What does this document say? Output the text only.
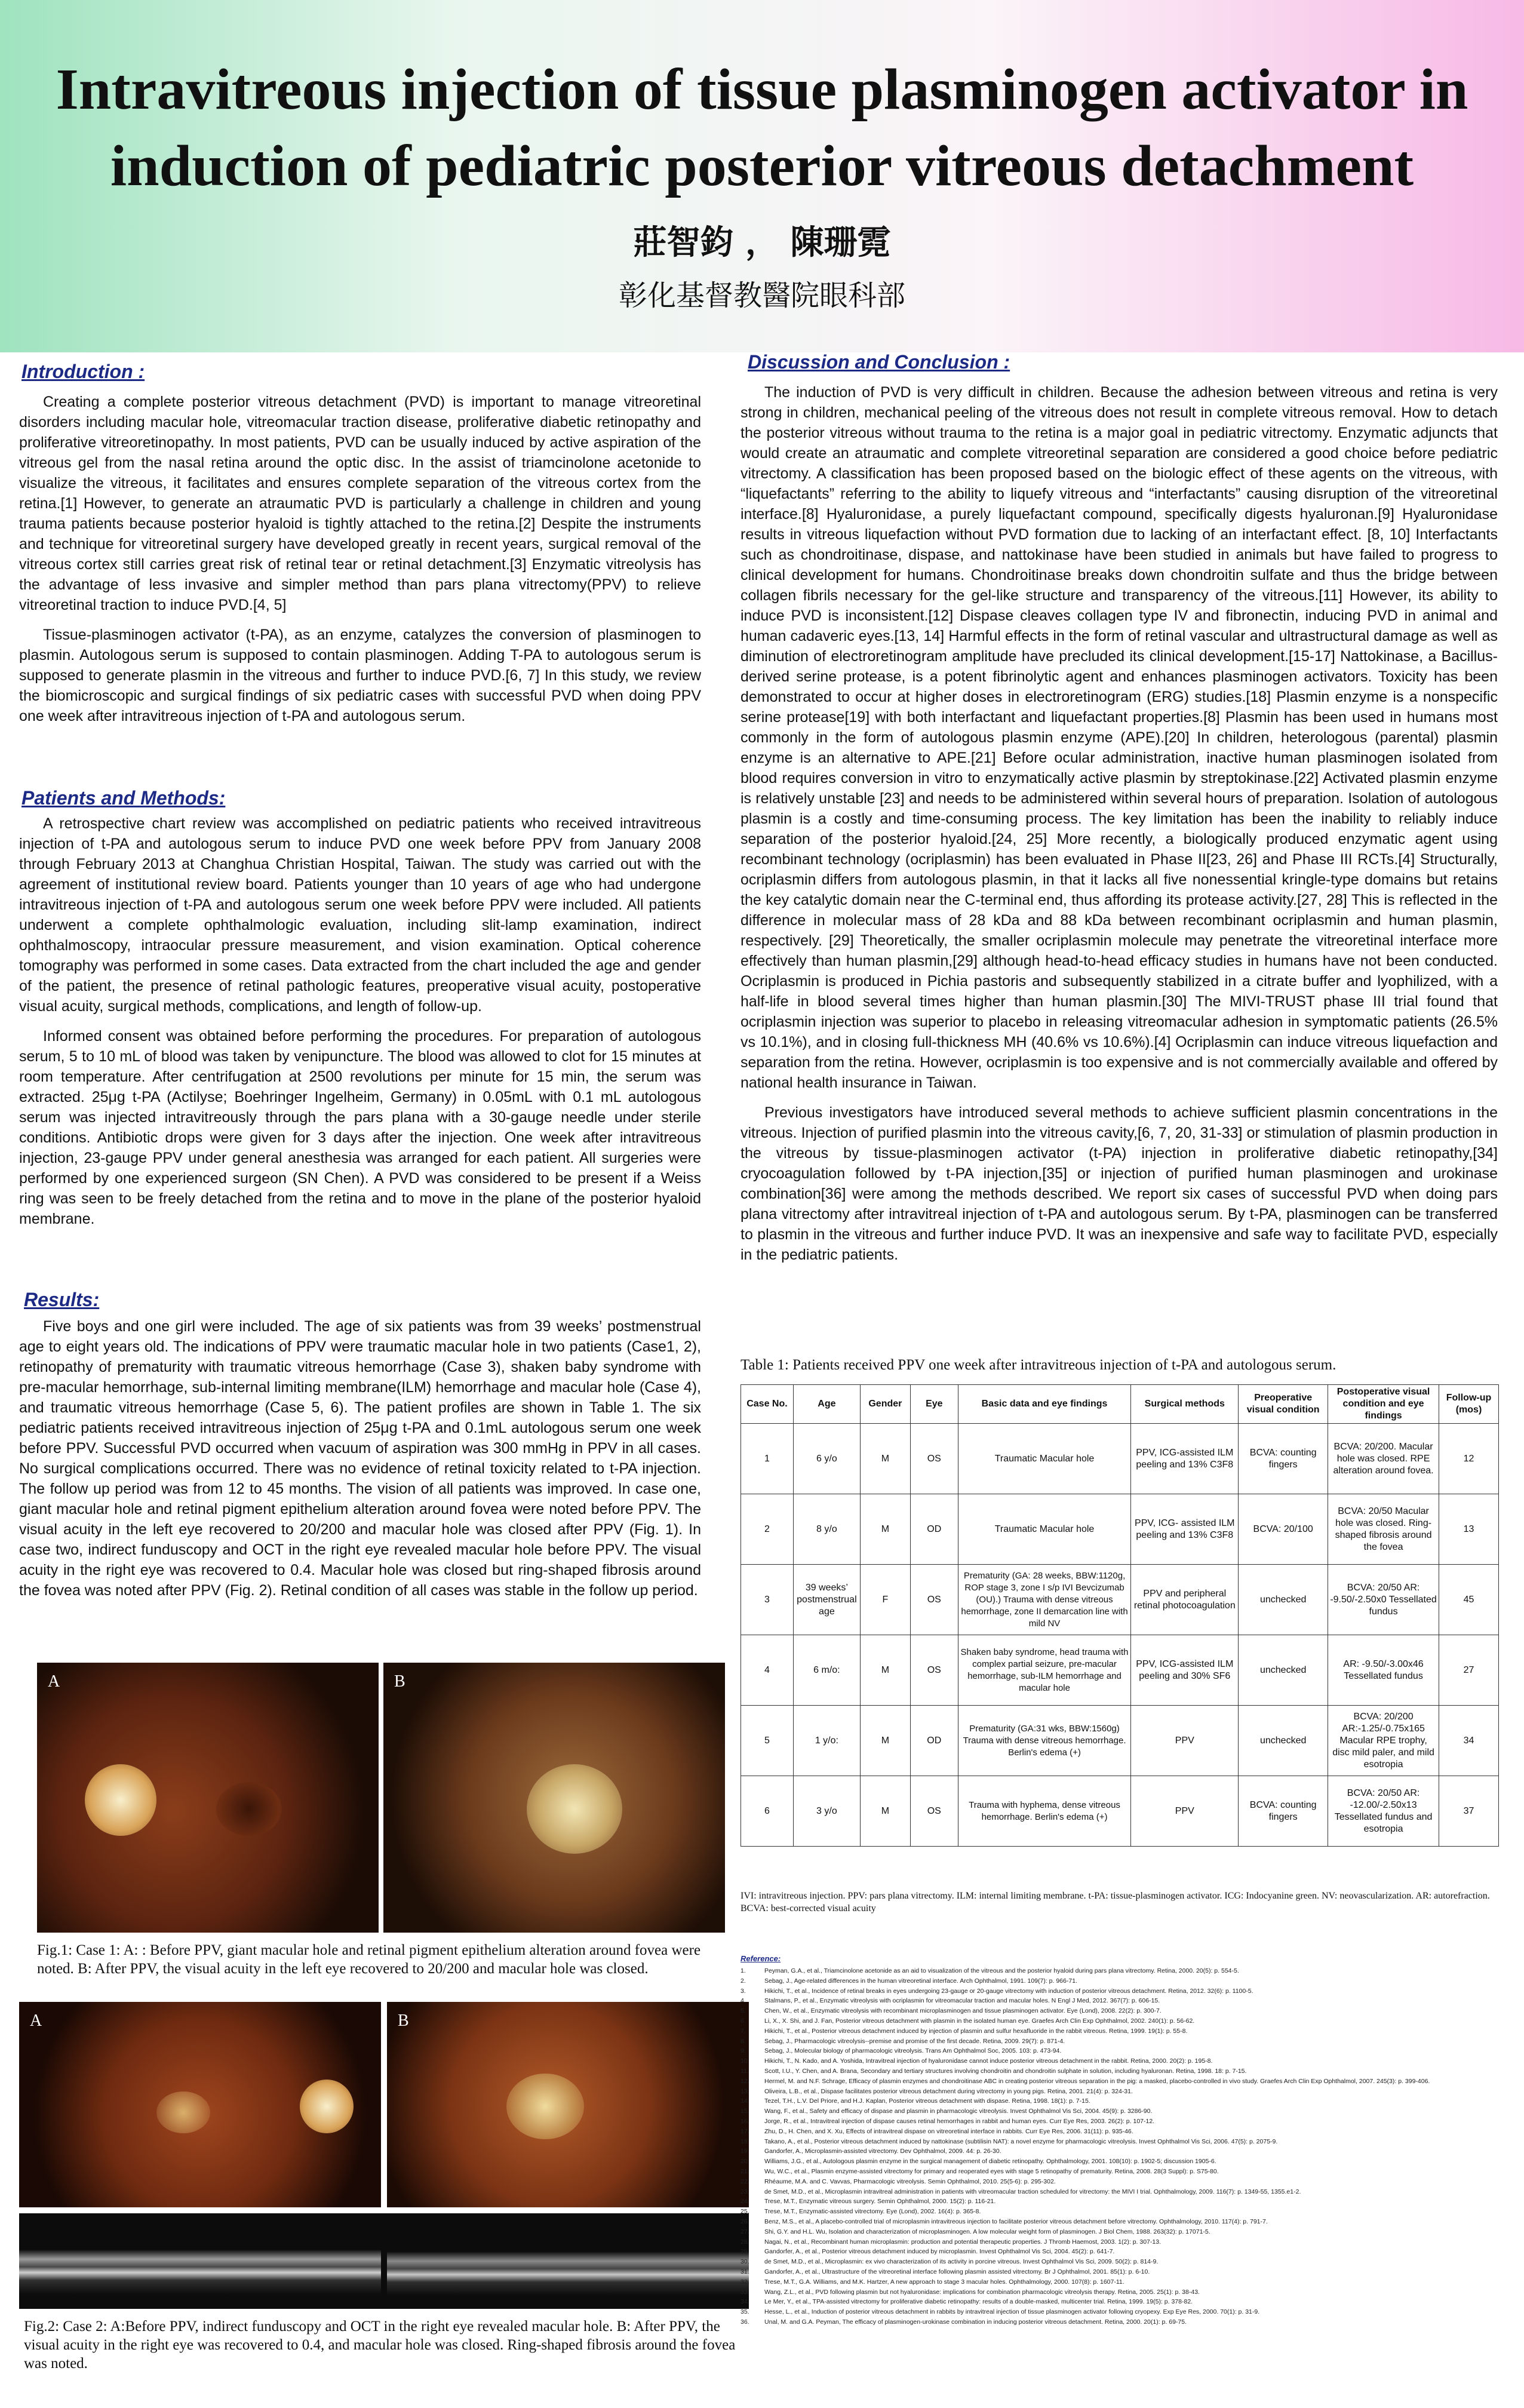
Intravitreous injection of tissue plasminogen activator in induction of pediatric posterior vitreous detachment

莊智鈞 ， 陳珊霓

彰化基督教醫院眼科部

Introduction :

Creating a complete posterior vitreous detachment (PVD) is important to manage vitreoretinal disorders including macular hole, vitreomacular traction disease, proliferative diabetic retinopathy and proliferative vitreoretinopathy. In most patients, PVD can be usually induced by active aspiration of the vitreous gel from the nasal retina around the optic disc. In the assist of triamcinolone acetonide to visualize the vitreous, it facilitates and ensures complete separation of the vitreous cortex from the retina.[1] However, to generate an atraumatic PVD is particularly a challenge in children and young trauma patients because posterior hyaloid is tightly attached to the retina.[2] Despite the instruments and technique for vitreoretinal surgery have developed greatly in recent years, surgical removal of the vitreous cortex still carries great risk of retinal tear or retinal detachment.[3] Enzymatic vitreolysis has the advantage of less invasive and simpler method than pars plana vitrectomy(PPV) to relieve vitreoretinal traction to induce PVD.[4, 5]

Tissue-plasminogen activator (t-PA), as an enzyme, catalyzes the conversion of plasminogen to plasmin. Autologous serum is supposed to contain plasminogen. Adding T-PA to autologous serum is supposed to generate plasmin in the vitreous and further to induce PVD.[6, 7] In this study, we review the biomicroscopic and surgical findings of six pediatric cases with successful PVD when doing PPV one week after intravitreous injection of t-PA and autologous serum.

Patients and Methods:

A retrospective chart review was accomplished on pediatric patients who received intravitreous injection of t-PA and autologous serum to induce PVD one week before PPV from January 2008 through February 2013 at Changhua Christian Hospital, Taiwan. The study was carried out with the agreement of institutional review board. Patients younger than 10 years of age who had undergone intravitreous injection of t-PA and autologous serum one week before PPV were included. All patients underwent a complete ophthalmologic evaluation, including slit-lamp examination, indirect ophthalmoscopy, intraocular pressure measurement, and vision examination. Optical coherence tomography was performed in some cases. Data extracted from the chart included the age and gender of the patient, the presence of retinal pathologic features, preoperative visual acuity, postoperative visual acuity, surgical methods, complications, and length of follow-up.

Informed consent was obtained before performing the procedures. For preparation of autologous serum, 5 to 10 mL of blood was taken by venipuncture. The blood was allowed to clot for 15 minutes at room temperature. After centrifugation at 2500 revolutions per minute for 15 min, the serum was extracted. 25μg t-PA (Actilyse; Boehringer Ingelheim, Germany) in 0.05mL with 0.1 mL autologous serum was injected intravitreously through the pars plana with a 30-gauge needle under sterile conditions. Antibiotic drops were given for 3 days after the injection. One week after intravitreous injection, 23-gauge PPV under general anesthesia was arranged for each patient. All surgeries were performed by one experienced surgeon (SN Chen). A PVD was considered to be present if a Weiss ring was seen to be freely detached from the retina and to move in the plane of the posterior hyaloid membrane.

Results:

Five boys and one girl were included. The age of six patients was from 39 weeks’ postmenstrual age to eight years old. The indications of PPV were traumatic macular hole in two patients (Case1, 2), retinopathy of prematurity with traumatic vitreous hemorrhage (Case 3), shaken baby syndrome with pre-macular hemorrhage, sub-internal limiting membrane(ILM) hemorrhage and macular hole (Case 4), and traumatic vitreous hemorrhage (Case 5, 6). The patient profiles are shown in Table 1. The six pediatric patients received intravitreous injection of 25μg t-PA and 0.1mL autologous serum one week before PPV. Successful PVD occurred when vacuum of aspiration was 300 mmHg in PPV in all cases. No surgical complications occurred. There was no evidence of retinal toxicity related to t-PA injection. The follow up period was from 12 to 45 months. The vision of all patients was improved. In case one, giant macular hole and retinal pigment epithelium alteration around fovea were noted before PPV. The visual acuity in the left eye recovered to 20/200 and macular hole was closed after PPV (Fig. 1). In case two, indirect funduscopy and OCT in the right eye revealed macular hole before PPV. The visual acuity in the right eye was recovered to 0.4. Macular hole was closed but ring-shaped fibrosis around the fovea was noted after PPV (Fig. 2). Retinal condition of all cases was stable in the follow up period.

A	B

Fig.1: Case 1: A: : Before PPV, giant macular hole and retinal pigment epithelium alteration around fovea were noted. B: After PPV, the visual acuity in the left eye recovered to 20/200 and macular hole was closed.

A	B

Fig.2: Case 2: A:Before PPV, indirect funduscopy and OCT in the right eye revealed macular hole. B: After PPV, the visual acuity in the right eye was recovered to 0.4, and macular hole was closed. Ring-shaped fibrosis around the fovea was noted.

Discussion and Conclusion :

The induction of PVD is very difficult in children. Because the adhesion between vitreous and retina is very strong in children, mechanical peeling of the vitreous does not result in complete vitreous removal. How to detach the posterior vitreous without trauma to the retina is a major goal in pediatric vitrectomy. Enzymatic adjuncts that would create an atraumatic and complete vitreoretinal separation are considered a good choice before pediatric vitrectomy. A classification has been proposed based on the biologic effect of these agents on the vitreous, with “liquefactants” referring to the ability to liquefy vitreous and “interfactants” causing disruption of the vitreoretinal interface.[8] Hyaluronidase, a purely liquefactant compound, specifically digests hyaluronan.[9] Hyaluronidase results in vitreous liquefaction without PVD formation due to lacking of an interfactant effect. [8, 10] Interfactants such as chondroitinase, dispase, and nattokinase have been studied in animals but have failed to progress to clinical development for humans. Chondroitinase breaks down chondroitin sulfate and thus the bridge between collagen fibrils necessary for the gel-like structure and transparency of the vitreous.[11] However, its ability to induce PVD is inconsistent.[12] Dispase cleaves collagen type IV and fibronectin, inducing PVD in animal and human cadaveric eyes.[13, 14] Harmful effects in the form of retinal vascular and ultrastructural damage as well as diminution of electroretinogram amplitude have precluded its clinical development.[15-17] Nattokinase, a Bacillus-derived serine protease, is a potent fibrinolytic agent and enhances plasminogen activators. Toxicity has been demonstrated to occur at higher doses in electroretinogram (ERG) studies.[18] Plasmin enzyme is a nonspecific serine protease[19] with both interfactant and liquefactant properties.[8] Plasmin has been used in humans most commonly in the form of autologous plasmin enzyme (APE).[20] In children, heterologous (parental) plasmin enzyme is an alternative to APE.[21] Before ocular administration, inactive human plasminogen isolated from blood requires conversion in vitro to enzymatically active plasmin by streptokinase.[22] Activated plasmin enzyme is relatively unstable [23] and needs to be administered within several hours of preparation. Isolation of autologous plasmin is a costly and time-consuming process. The key limitation has been the inability to reliably induce separation of the posterior hyaloid.[24, 25] More recently, a biologically produced enzymatic agent using recombinant technology (ocriplasmin) has been evaluated in Phase II[23, 26] and Phase III RCTs.[4] Structurally, ocriplasmin differs from autologous plasmin, in that it lacks all five nonessential kringle-type domains but retains the key catalytic domain near the C-terminal end, thus affording its protease activity.[27, 28] This is reflected in the difference in molecular mass of 28 kDa and 88 kDa between recombinant ocriplasmin and human plasmin, respectively. [29] Theoretically, the smaller ocriplasmin molecule may penetrate the vitreoretinal interface more effectively than human plasmin,[29] although head-to-head efficacy studies in humans have not been conducted. Ocriplasmin is produced in Pichia pastoris and subsequently stabilized in a citrate buffer and lyophilized, with a half-life in blood several times higher than human plasmin.[30] The MIVI-TRUST phase III trial found that ocriplasmin injection was superior to placebo in releasing vitreomacular adhesion in symptomatic patients (26.5% vs 10.1%), and in closing full-thickness MH (40.6% vs 10.6%).[4] Ocriplasmin can induce vitreous liquefaction and separation from the retina. However, ocriplasmin is too expensive and is not commercially available and offered by national health insurance in Taiwan.

Previous investigators have introduced several methods to achieve sufficient plasmin concentrations in the vitreous. Injection of purified plasmin into the vitreous cavity,[6, 7, 20, 31-33] or stimulation of plasmin production in the vitreous by tissue-plasminogen activator (t-PA) injection in proliferative diabetic retinopathy,[34] cryocoagulation followed by t-PA injection,[35] or injection of purified human plasminogen and urokinase combination[36] were among the methods described. We report six cases of successful PVD when doing pars plana vitrectomy after intravitreal injection of t-PA and autologous serum. By t-PA, plasminogen can be transferred to plasmin in the vitreous and further induce PVD. It was an inexpensive and safe way to facilitate PVD, especially in the pediatric patients.

Table 1: Patients received PPV one week after intravitreous injection of t-PA and autologous serum.

Case No.	Age	Gender	Eye	Basic data and eye findings	Surgical methods	Preoperative visual condition	Postoperative visual condition and eye findings	Follow-up (mos)
1	6 y/o	M	OS	Traumatic Macular hole	PPV, ICG-assisted ILM peeling and 13% C3F8	BCVA: counting fingers	BCVA: 20/200. Macular hole was closed. RPE alteration around fovea.	12
2	8 y/o	M	OD	Traumatic Macular hole	PPV, ICG- assisted ILM peeling and 13% C3F8	BCVA: 20/100	BCVA: 20/50 Macular hole was closed. Ring-shaped fibrosis around the fovea	13
3	39 weeks’ postmenstrual age	F	OS	Prematurity (GA: 28 weeks, BBW:1120g, ROP stage 3, zone I s/p IVI Bevcizumab (OU).) Trauma with dense vitreous hemorrhage, zone II demarcation line with mild NV	PPV and peripheral retinal photocoagulation	unchecked	BCVA: 20/50 AR: -9.50/-2.50x0 Tessellated fundus	45
4	6 m/o:	M	OS	Shaken baby syndrome, head trauma with complex partial seizure, pre-macular hemorrhage, sub-ILM hemorrhage and macular hole	PPV, ICG-assisted ILM peeling and 30% SF6	unchecked	AR: -9.50/-3.00x46 Tessellated fundus	27
5	1 y/o:	M	OD	Prematurity (GA:31 wks, BBW:1560g) Trauma with dense vitreous hemorrhage. Berlin's edema (+)	PPV	unchecked	BCVA: 20/200 AR:-1.25/-0.75x165 Macular RPE trophy, disc mild paler, and mild esotropia	34
6	3 y/o	M	OS	Trauma with hyphema, dense vitreous hemorrhage. Berlin's edema (+)	PPV	BCVA: counting fingers	BCVA: 20/50 AR: -12.00/-2.50x13 Tessellated fundus and esotropia	37

IVI: intravitreous injection. PPV: pars plana vitrectomy. ILM: internal limiting membrane. t-PA: tissue-plasminogen activator. ICG: Indocyanine green. NV: neovascularization. AR: autorefraction. BCVA: best-corrected visual acuity

Reference:
1.	Peyman, G.A., et al., Triamcinolone acetonide as an aid to visualization of the vitreous and the posterior hyaloid during pars plana vitrectomy. Retina, 2000. 20(5): p. 554-5.
2.	Sebag, J., Age-related differences in the human vitreoretinal interface. Arch Ophthalmol, 1991. 109(7): p. 966-71.
3.	Hikichi, T., et al., Incidence of retinal breaks in eyes undergoing 23-gauge or 20-gauge vitrectomy with induction of posterior vitreous detachment. Retina, 2012. 32(6): p. 1100-5.
4.	Stalmans, P., et al., Enzymatic vitreolysis with ocriplasmin for vitreomacular traction and macular holes. N Engl J Med, 2012. 367(7): p. 606-15.
5.	Chen, W., et al., Enzymatic vitreolysis with recombinant microplasminogen and tissue plasminogen activator. Eye (Lond), 2008. 22(2): p. 300-7.
6.	Li, X., X. Shi, and J. Fan, Posterior vitreous detachment with plasmin in the isolated human eye. Graefes Arch Clin Exp Ophthalmol, 2002. 240(1): p. 56-62.
7.	Hikichi, T., et al., Posterior vitreous detachment induced by injection of plasmin and sulfur hexafluoride in the rabbit vitreous. Retina, 1999. 19(1): p. 55-8.
8.	Sebag, J., Pharmacologic vitreolysis--premise and promise of the first decade. Retina, 2009. 29(7): p. 871-4.
9.	Sebag, J., Molecular biology of pharmacologic vitreolysis. Trans Am Ophthalmol Soc, 2005. 103: p. 473-94.
10. Hikichi, T., N. Kado, and A. Yoshida, Intravitreal injection of hyaluronidase cannot induce posterior vitreous detachment in the rabbit. Retina, 2000. 20(2): p. 195-8.
11. Scott, I.U., Y. Chen, and A. Brana, Secondary and tertiary structures involving chondroitin and chondroitin sulphate in solution, including hyaluronan. Retina, 1998. 18: p. 7-15.
12. Hermel, M. and N.F. Schrage, Efficacy of plasmin enzymes and chondroitinase ABC in creating posterior vitreous separation in the pig: a masked, placebo-controlled in vivo study. Graefes Arch Clin Exp Ophthalmol, 2007. 245(3): p. 399-406.
13. Oliveira, L.B., et al., Dispase facilitates posterior vitreous detachment during vitrectomy in young pigs. Retina, 2001. 21(4): p. 324-31.
14. Tezel, T.H., L.V. Del Priore, and H.J. Kaplan, Posterior vitreous detachment with dispase. Retina, 1998. 18(1): p. 7-15.
15. Wang, F., et al., Safety and efficacy of dispase and plasmin in pharmacologic vitreolysis. Invest Ophthalmol Vis Sci, 2004. 45(9): p. 3286-90.
16. Jorge, R., et al., Intravitreal injection of dispase causes retinal hemorrhages in rabbit and human eyes. Curr Eye Res, 2003. 26(2): p. 107-12.
17. Zhu, D., H. Chen, and X. Xu, Effects of intravitreal dispase on vitreoretinal interface in rabbits. Curr Eye Res, 2006. 31(11): p. 935-46.
18. Takano, A., et al., Posterior vitreous detachment induced by nattokinase (subtilisin NAT): a novel enzyme for pharmacologic vitreolysis. Invest Ophthalmol Vis Sci, 2006. 47(5): p. 2075-9.
19. Gandorfer, A., Microplasmin-assisted vitrectomy. Dev Ophthalmol, 2009. 44: p. 26-30.
20. Williams, J.G., et al., Autologous plasmin enzyme in the surgical management of diabetic retinopathy. Ophthalmology, 2001. 108(10): p. 1902-5; discussion 1905-6.
21. Wu, W.C., et al., Plasmin enzyme-assisted vitrectomy for primary and reoperated eyes with stage 5 retinopathy of prematurity. Retina, 2008. 28(3 Suppl): p. S75-80.
22. Rhéaume, M.A. and C. Vavvas, Pharmacologic vitreolysis. Semin Ophthalmol, 2010. 25(5-6): p. 295-302.
23. de Smet, M.D., et al., Microplasmin intravitreal administration in patients with vitreomacular traction scheduled for vitrectomy: the MIVI I trial. Ophthalmology, 2009. 116(7): p. 1349-55, 1355.e1-2.
24. Trese, M.T., Enzymatic vitreous surgery. Semin Ophthalmol, 2000. 15(2): p. 116-21.
25. Trese, M.T., Enzymatic-assisted vitrectomy. Eye (Lond), 2002. 16(4): p. 365-8.
26. Benz, M.S., et al., A placebo-controlled trial of microplasmin intravitreous injection to facilitate posterior vitreous detachment before vitrectomy. Ophthalmology, 2010. 117(4): p. 791-7.
27. Shi, G.Y. and H.L. Wu, Isolation and characterization of microplasminogen. A low molecular weight form of plasminogen. J Biol Chem, 1988. 263(32): p. 17071-5.
28. Nagai, N., et al., Recombinant human microplasmin: production and potential therapeutic properties. J Thromb Haemost, 2003. 1(2): p. 307-13.
29. Gandorfer, A., et al., Posterior vitreous detachment induced by microplasmin. Invest Ophthalmol Vis Sci, 2004. 45(2): p. 641-7.
30. de Smet, M.D., et al., Microplasmin: ex vivo characterization of its activity in porcine vitreous. Invest Ophthalmol Vis Sci, 2009. 50(2): p. 814-9.
31. Gandorfer, A., et al., Ultrastructure of the vitreoretinal interface following plasmin assisted vitrectomy. Br J Ophthalmol, 2001. 85(1): p. 6-10.
32. Trese, M.T., G.A. Williams, and M.K. Hartzer, A new approach to stage 3 macular holes. Ophthalmology, 2000. 107(8): p. 1607-11.
33. Wang, Z.L., et al., PVD following plasmin but not hyaluronidase: implications for combination pharmacologic vitreolysis therapy. Retina, 2005. 25(1): p. 38-43.
34. Le Mer, Y., et al., TPA-assisted vitrectomy for proliferative diabetic retinopathy: results of a double-masked, multicenter trial. Retina, 1999. 19(5): p. 378-82.
35. Hesse, L., et al., Induction of posterior vitreous detachment in rabbits by intravitreal injection of tissue plasminogen activator following cryopexy. Exp Eye Res, 2000. 70(1): p. 31-9.
36. Unal, M. and G.A. Peyman, The efficacy of plasminogen-urokinase combination in inducing posterior vitreous detachment. Retina, 2000. 20(1): p. 69-75.
